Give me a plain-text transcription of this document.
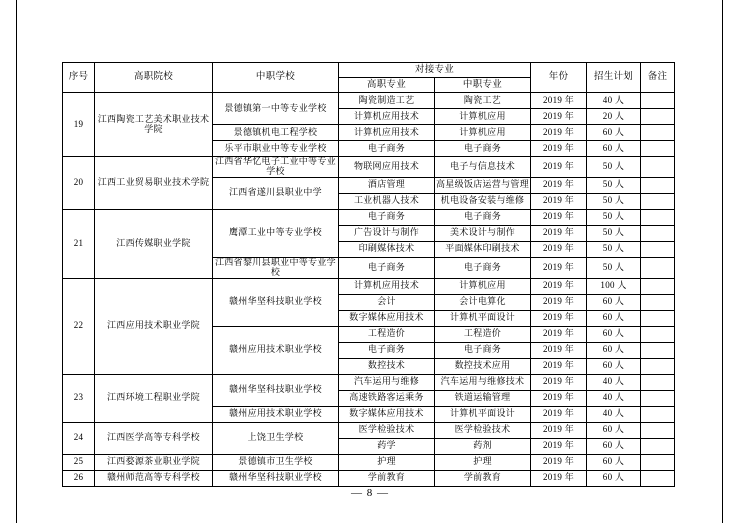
序号	高职院校	中职学校	对接专业		年份	招生计划	备注
			高职专业	中职专业			
19	江西陶瓷工艺美术职业技术学院	景德镇第一中等专业学校	陶瓷制造工艺	陶瓷工艺	2019 年	40 人	
			计算机应用技术	计算机应用	2019 年	20 人	
		景德镇机电工程学校	计算机应用技术	计算机应用	2019 年	60 人	
		乐平市职业中等专业学校	电子商务	电子商务	2019 年	60 人	
20	江西工业贸易职业技术学院	江西省华忆电子工业中等专业学校	物联网应用技术	电子与信息技术	2019 年	50 人	
		江西省遂川县职业中学	酒店管理	高星级饭店运营与管理	2019 年	50 人	
			工业机器人技术	机电设备安装与维修	2019 年	50 人	
21	江西传媒职业学院	鹰潭工业中等专业学校	电子商务	电子商务	2019 年	50 人	
			广告设计与制作	美术设计与制作	2019 年	50 人	
			印刷媒体技术	平面媒体印刷技术	2019 年	50 人	
		江西省黎川县职业中等专业学校	电子商务	电子商务	2019 年	50 人	
22	江西应用技术职业学院	赣州华坚科技职业学校	计算机应用技术	计算机应用	2019 年	100 人	
			会计	会计电算化	2019 年	60 人	
			数字媒体应用技术	计算机平面设计	2019 年	60 人	
		赣州应用技术职业学校	工程造价	工程造价	2019 年	60 人	
			电子商务	电子商务	2019 年	60 人	
			数控技术	数控技术应用	2019 年	60 人	
23	江西环境工程职业学院	赣州华坚科技职业学校	汽车运用与维修	汽车运用与维修技术	2019 年	40 人	
			高速铁路客运乘务	铁道运输管理	2019 年	40 人	
		赣州应用技术职业学校	数字媒体应用技术	计算机平面设计	2019 年	40 人	
24	江西医学高等专科学校	上饶卫生学校	医学检验技术	医学检验技术	2019 年	60 人	
			药学	药剂	2019 年	60 人	
25	江西婺源茶业职业学院	景德镇市卫生学校	护理	护理	2019 年	60 人	
26	赣州师范高等专科学校	赣州华坚科技职业学校	学前教育	学前教育	2019 年	60 人	
— 8 —
